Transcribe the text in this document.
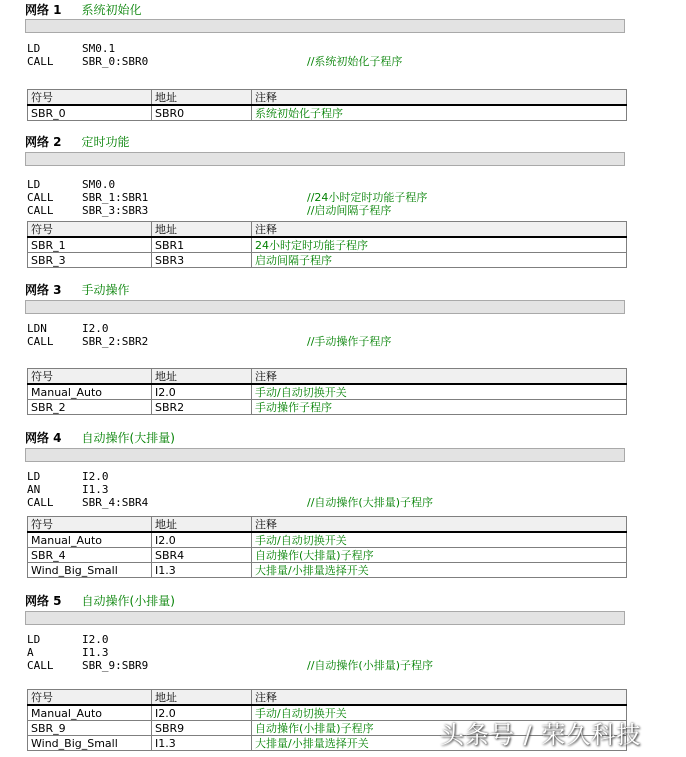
网络 1 系统初始化
LD	SM0.1
CALL	SBR_0:SBR0	//系统初始化子程序
符号	地址	注释
SBR_0	SBR0	系统初始化子程序
网络 2 定时功能
LD	SM0.0
CALL	SBR_1:SBR1	//24小时定时功能子程序
CALL	SBR_3:SBR3	//启动间隔子程序
符号	地址	注释
SBR_1	SBR1	24小时定时功能子程序
SBR_3	SBR3	启动间隔子程序
网络 3 手动操作
LDN	I2.0
CALL	SBR_2:SBR2	//手动操作子程序
符号	地址	注释
Manual_Auto	I2.0	手动/自动切换开关
SBR_2	SBR2	手动操作子程序
网络 4 自动操作(大排量)
LD	I2.0
AN	I1.3
CALL	SBR_4:SBR4	//自动操作(大排量)子程序
符号	地址	注释
Manual_Auto	I2.0	手动/自动切换开关
SBR_4	SBR4	自动操作(大排量)子程序
Wind_Big_Small	I1.3	大排量/小排量选择开关
网络 5 自动操作(小排量)
LD	I2.0
A	I1.3
CALL	SBR_9:SBR9	//自动操作(小排量)子程序
符号	地址	注释
Manual_Auto	I2.0	手动/自动切换开关
SBR_9	SBR9	自动操作(小排量)子程序
Wind_Big_Small	I1.3	大排量/小排量选择开关	头条号 / 荣久科技
